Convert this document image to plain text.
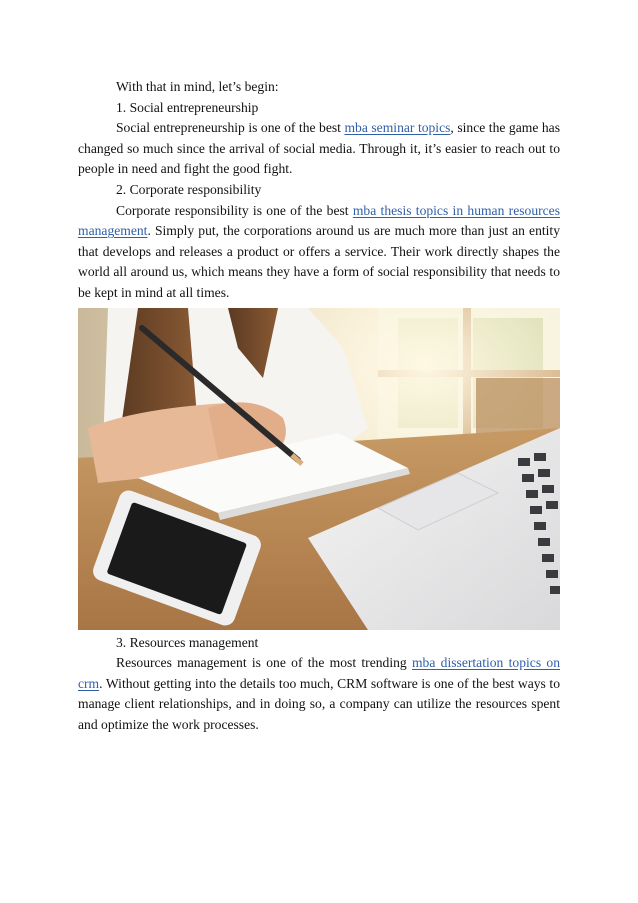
With that in mind, let’s begin:

1. Social entrepreneurship

Social entrepreneurship is one of the best mba seminar topics, since the game has changed so much since the arrival of social media. Through it, it’s easier to reach out to people in need and fight the good fight.

2. Corporate responsibility

Corporate responsibility is one of the best mba thesis topics in human resources management. Simply put, the corporations around us are much more than just an entity that develops and releases a product or offers a service. Their work directly shapes the world all around us, which means they have a form of social responsibility that needs to be kept in mind at all times.

3. Resources management

Resources management is one of the most trending mba dissertation topics on crm. Without getting into the details too much, CRM software is one of the best ways to manage client relationships, and in doing so, a company can utilize the resources spent and optimize the work processes.
